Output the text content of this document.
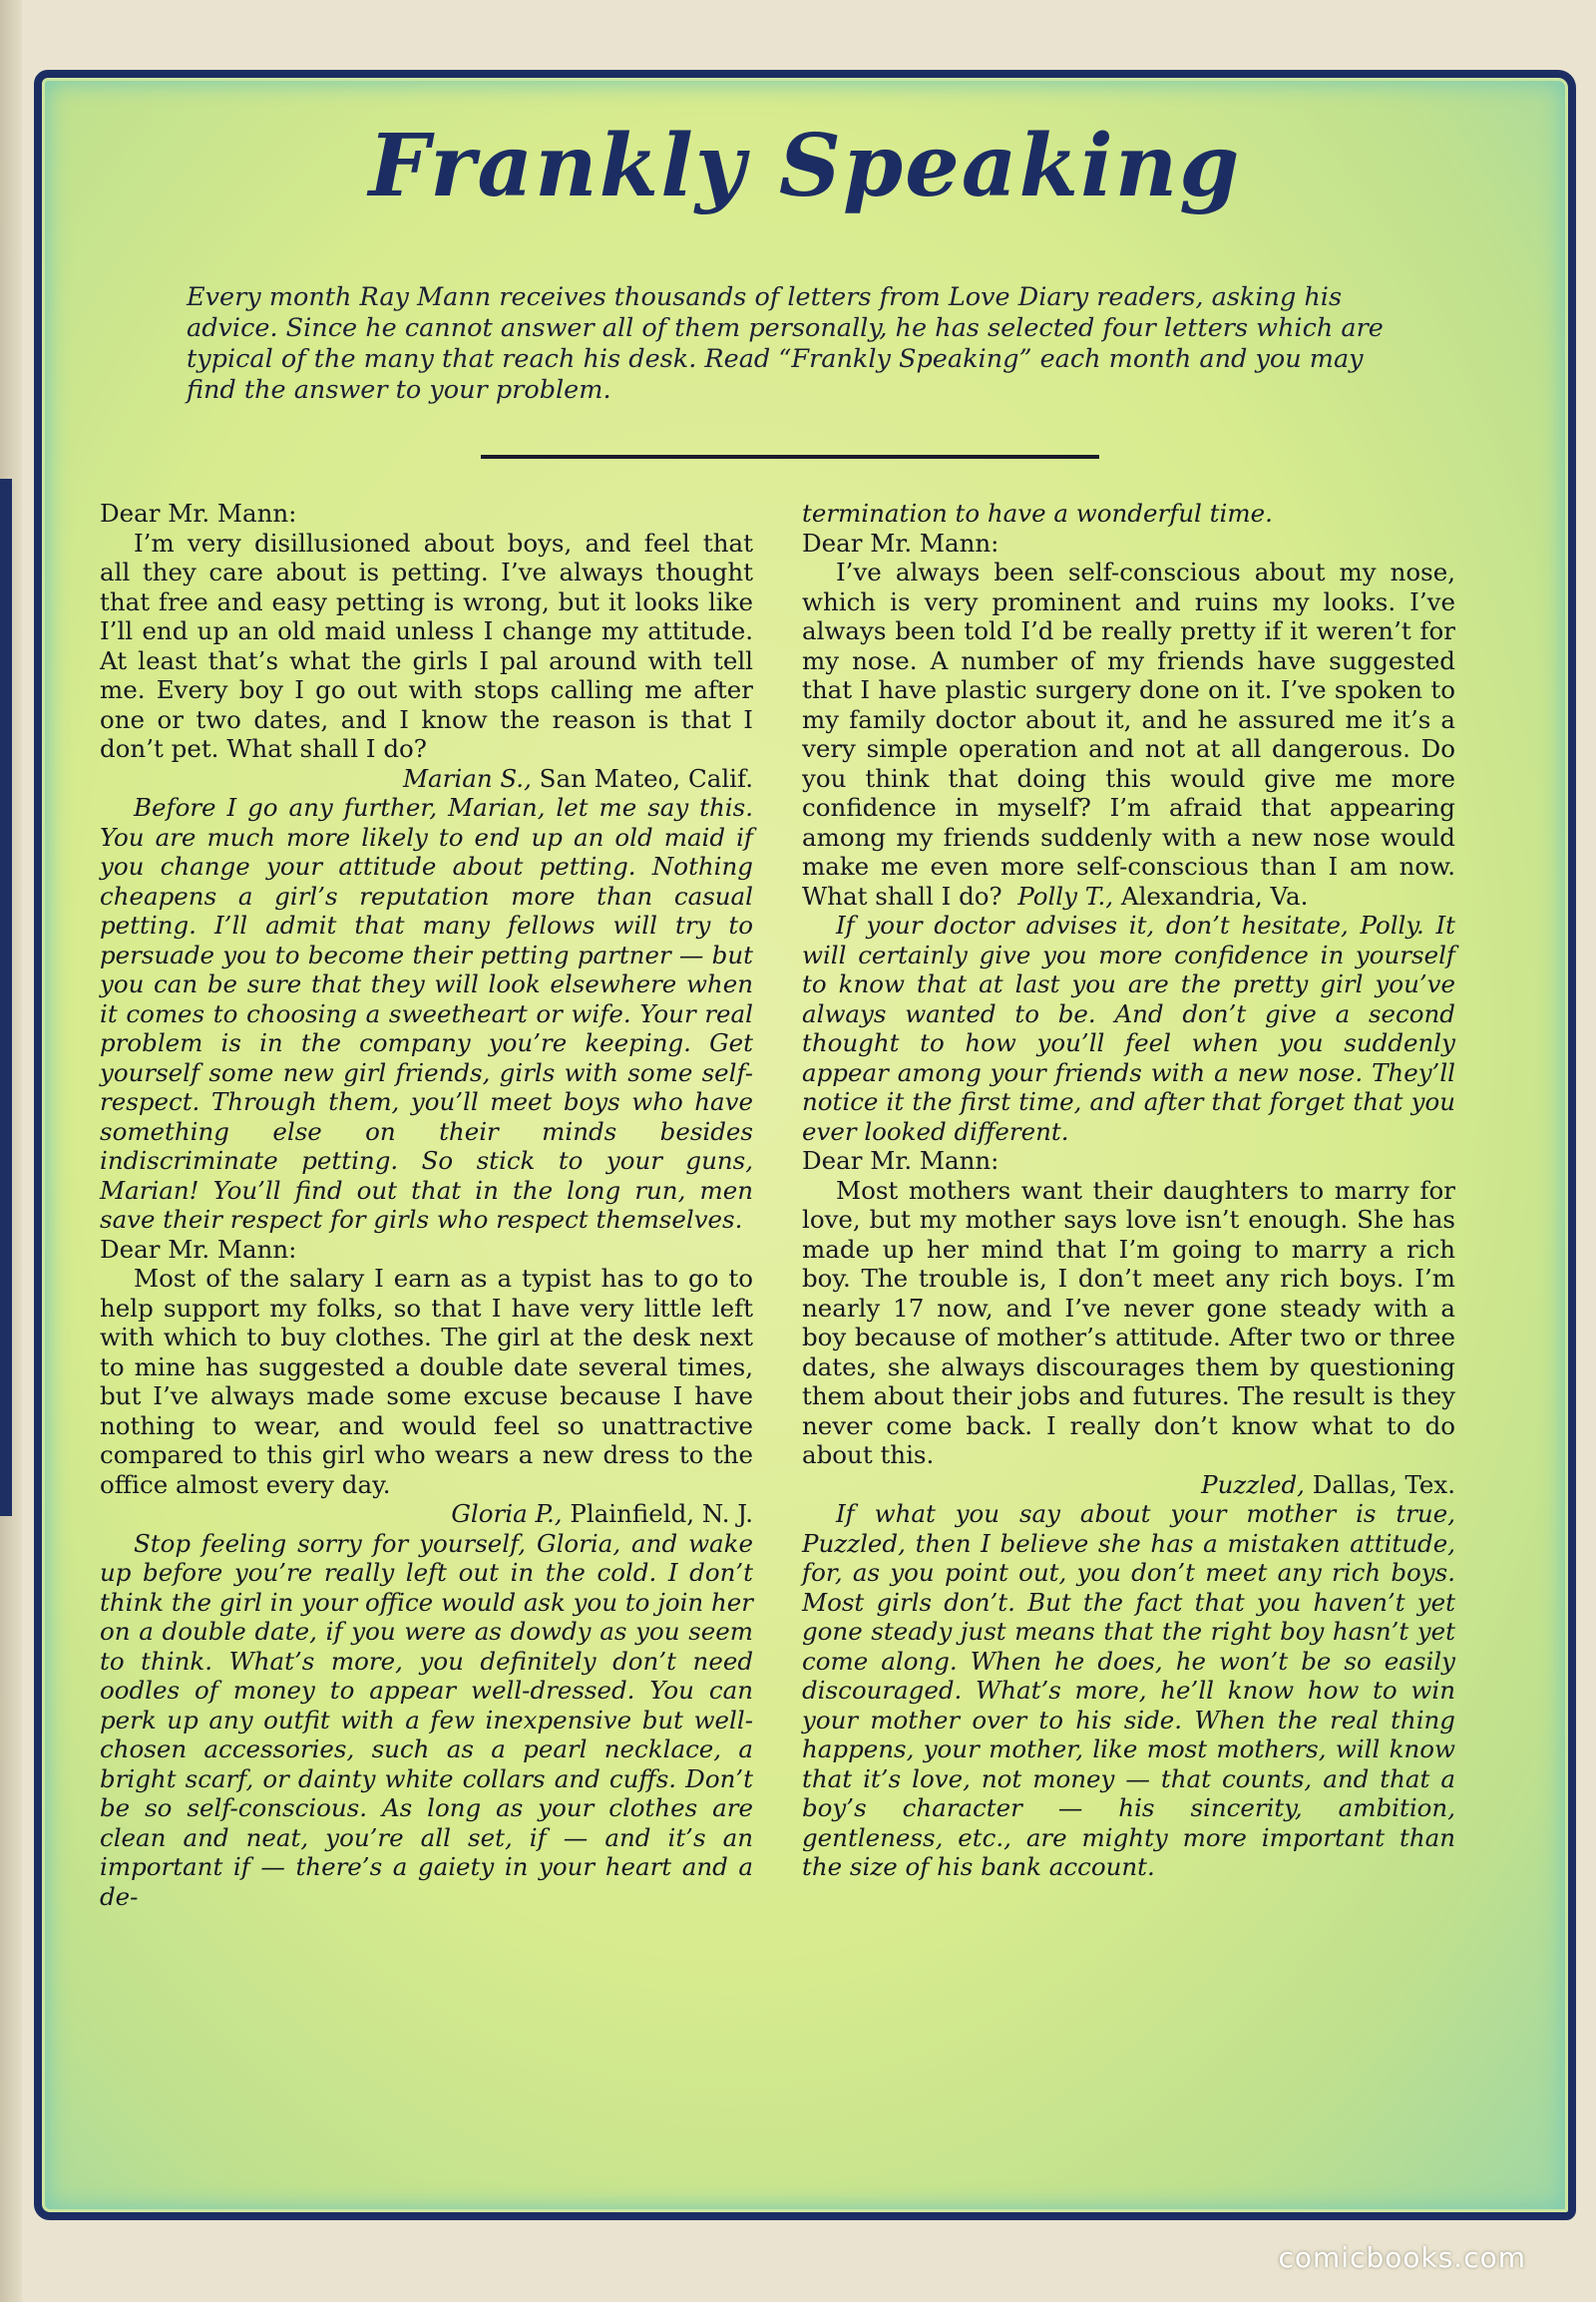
Frankly Speaking
Every month Ray Mann receives thousands of letters from Love Diary readers, asking his advice. Since he cannot answer all of them personally, he has selected four letters which are typical of the many that reach his desk. Read “Frankly Speaking” each month and you may find the answer to your problem.

Dear Mr. Mann:

I’m very disillusioned about boys, and feel that all they care about is petting. I’ve always thought that free and easy petting is wrong, but it looks like I’ll end up an old maid unless I change my attitude. At least that’s what the girls I pal around with tell me. Every boy I go out with stops calling me after one or two dates, and I know the reason is that I don’t pet. What shall I do?

Marian S., San Mateo, Calif.

Before I go any further, Marian, let me say this. You are much more likely to end up an old maid if you change your attitude about petting. Nothing cheapens a girl’s reputation more than casual petting. I’ll admit that many fellows will try to persuade you to become their petting partner — but you can be sure that they will look elsewhere when it comes to choosing a sweetheart or wife. Your real problem is in the company you’re keeping. Get yourself some new girl friends, girls with some self-respect. Through them, you’ll meet boys who have something else on their minds besides indiscriminate petting. So stick to your guns, Marian! You’ll find out that in the long run, men save their respect for girls who respect themselves.

Dear Mr. Mann:

Most of the salary I earn as a typist has to go to help support my folks, so that I have very little left with which to buy clothes. The girl at the desk next to mine has suggested a double date several times, but I’ve always made some excuse because I have nothing to wear, and would feel so unattractive compared to this girl who wears a new dress to the office almost every day.

Gloria P., Plainfield, N. J.

Stop feeling sorry for yourself, Gloria, and wake up before you’re really left out in the cold. I don’t think the girl in your office would ask you to join her on a double date, if you were as dowdy as you seem to think. What’s more, you definitely don’t need oodles of money to appear well-dressed. You can perk up any outfit with a few inexpensive but well-chosen accessories, such as a pearl necklace, a bright scarf, or dainty white collars and cuffs. Don’t be so self-conscious. As long as your clothes are clean and neat, you’re all set, if — and it’s an important if — there’s a gaiety in your heart and a de-

termination to have a wonderful time.

Dear Mr. Mann:

I’ve always been self-conscious about my nose, which is very prominent and ruins my looks. I’ve always been told I’d be really pretty if it weren’t for my nose. A number of my friends have suggested that I have plastic surgery done on it. I’ve spoken to my family doctor about it, and he assured me it’s a very simple operation and not at all dangerous. Do you think that doing this would give me more confidence in myself? I’m afraid that appearing among my friends suddenly with a new nose would make me even more self-conscious than I am now. What shall I do? Polly T., Alexandria, Va.

If your doctor advises it, don’t hesitate, Polly. It will certainly give you more confidence in yourself to know that at last you are the pretty girl you’ve always wanted to be. And don’t give a second thought to how you’ll feel when you suddenly appear among your friends with a new nose. They’ll notice it the first time, and after that forget that you ever looked different.

Dear Mr. Mann:

Most mothers want their daughters to marry for love, but my mother says love isn’t enough. She has made up her mind that I’m going to marry a rich boy. The trouble is, I don’t meet any rich boys. I’m nearly 17 now, and I’ve never gone steady with a boy because of mother’s attitude. After two or three dates, she always discourages them by questioning them about their jobs and futures. The result is they never come back. I really don’t know what to do about this.

Puzzled, Dallas, Tex.

If what you say about your mother is true, Puzzled, then I believe she has a mistaken attitude, for, as you point out, you don’t meet any rich boys. Most girls don’t. But the fact that you haven’t yet gone steady just means that the right boy hasn’t yet come along. When he does, he won’t be so easily discouraged. What’s more, he’ll know how to win your mother over to his side. When the real thing happens, your mother, like most mothers, will know that it’s love, not money — that counts, and that a boy’s character — his sincerity, ambition, gentleness, etc., are mighty more important than the size of his bank account.

comicbooks.com
